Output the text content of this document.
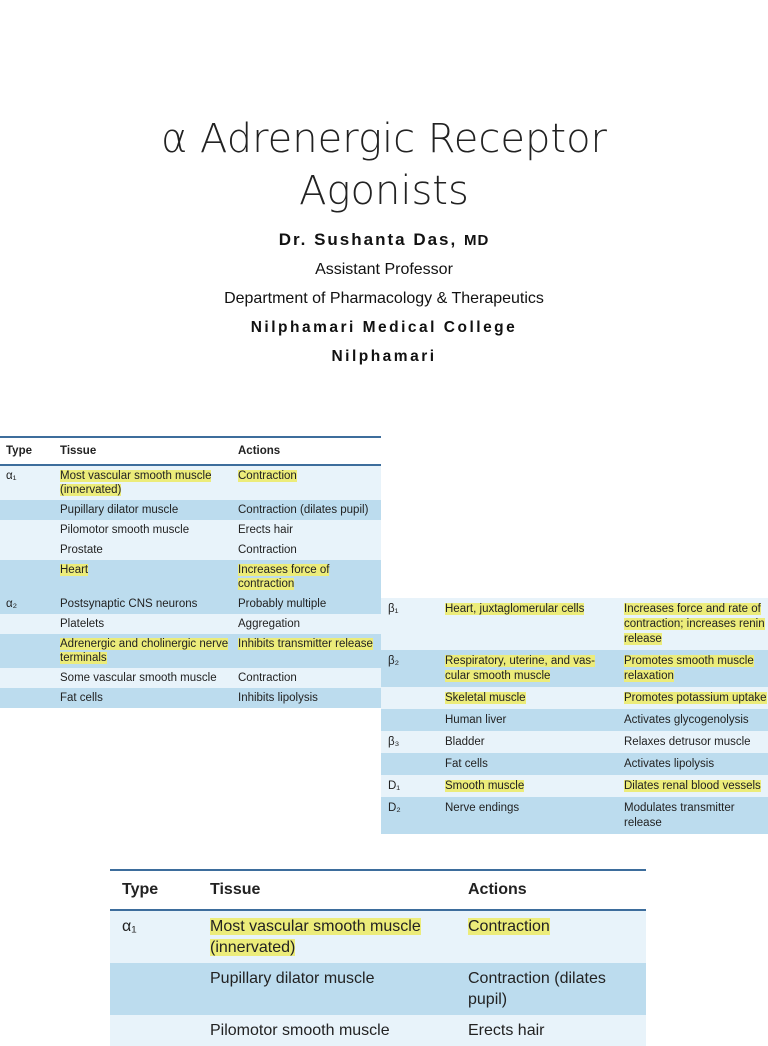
α Adrenergic Receptor
Agonists
Dr. Sushanta Das, MD
Assistant Professor
Department of Pharmacology & Therapeutics
Nilphamari Medical College
Nilphamari
Type	Tissue	Actions
α₁	Most vascular smooth muscle (innervated)	Contraction
	Pupillary dilator muscle	Contraction (dilates pupil)
	Pilomotor smooth muscle	Erects hair
	Prostate	Contraction
	Heart	Increases force of contraction
α₂	Postsynaptic CNS neurons	Probably multiple
	Platelets	Aggregation
	Adrenergic and cholinergic nerve terminals	Inhibits transmitter release
	Some vascular smooth muscle	Contraction
	Fat cells	Inhibits lipolysis
β₁	Heart, juxtaglomerular cells	Increases force and rate of contraction; increases renin release
β₂	Respiratory, uterine, and vas-cular smooth muscle	Promotes smooth muscle relaxation
	Skeletal muscle	Promotes potassium uptake
	Human liver	Activates glycogenolysis
β₃	Bladder	Relaxes detrusor muscle
	Fat cells	Activates lipolysis
D₁	Smooth muscle	Dilates renal blood vessels
D₂	Nerve endings	Modulates transmitter release
Type	Tissue	Actions
α₁	Most vascular smooth muscle (innervated)	Contraction
	Pupillary dilator muscle	Contraction (dilates pupil)
	Pilomotor smooth muscle	Erects hair
